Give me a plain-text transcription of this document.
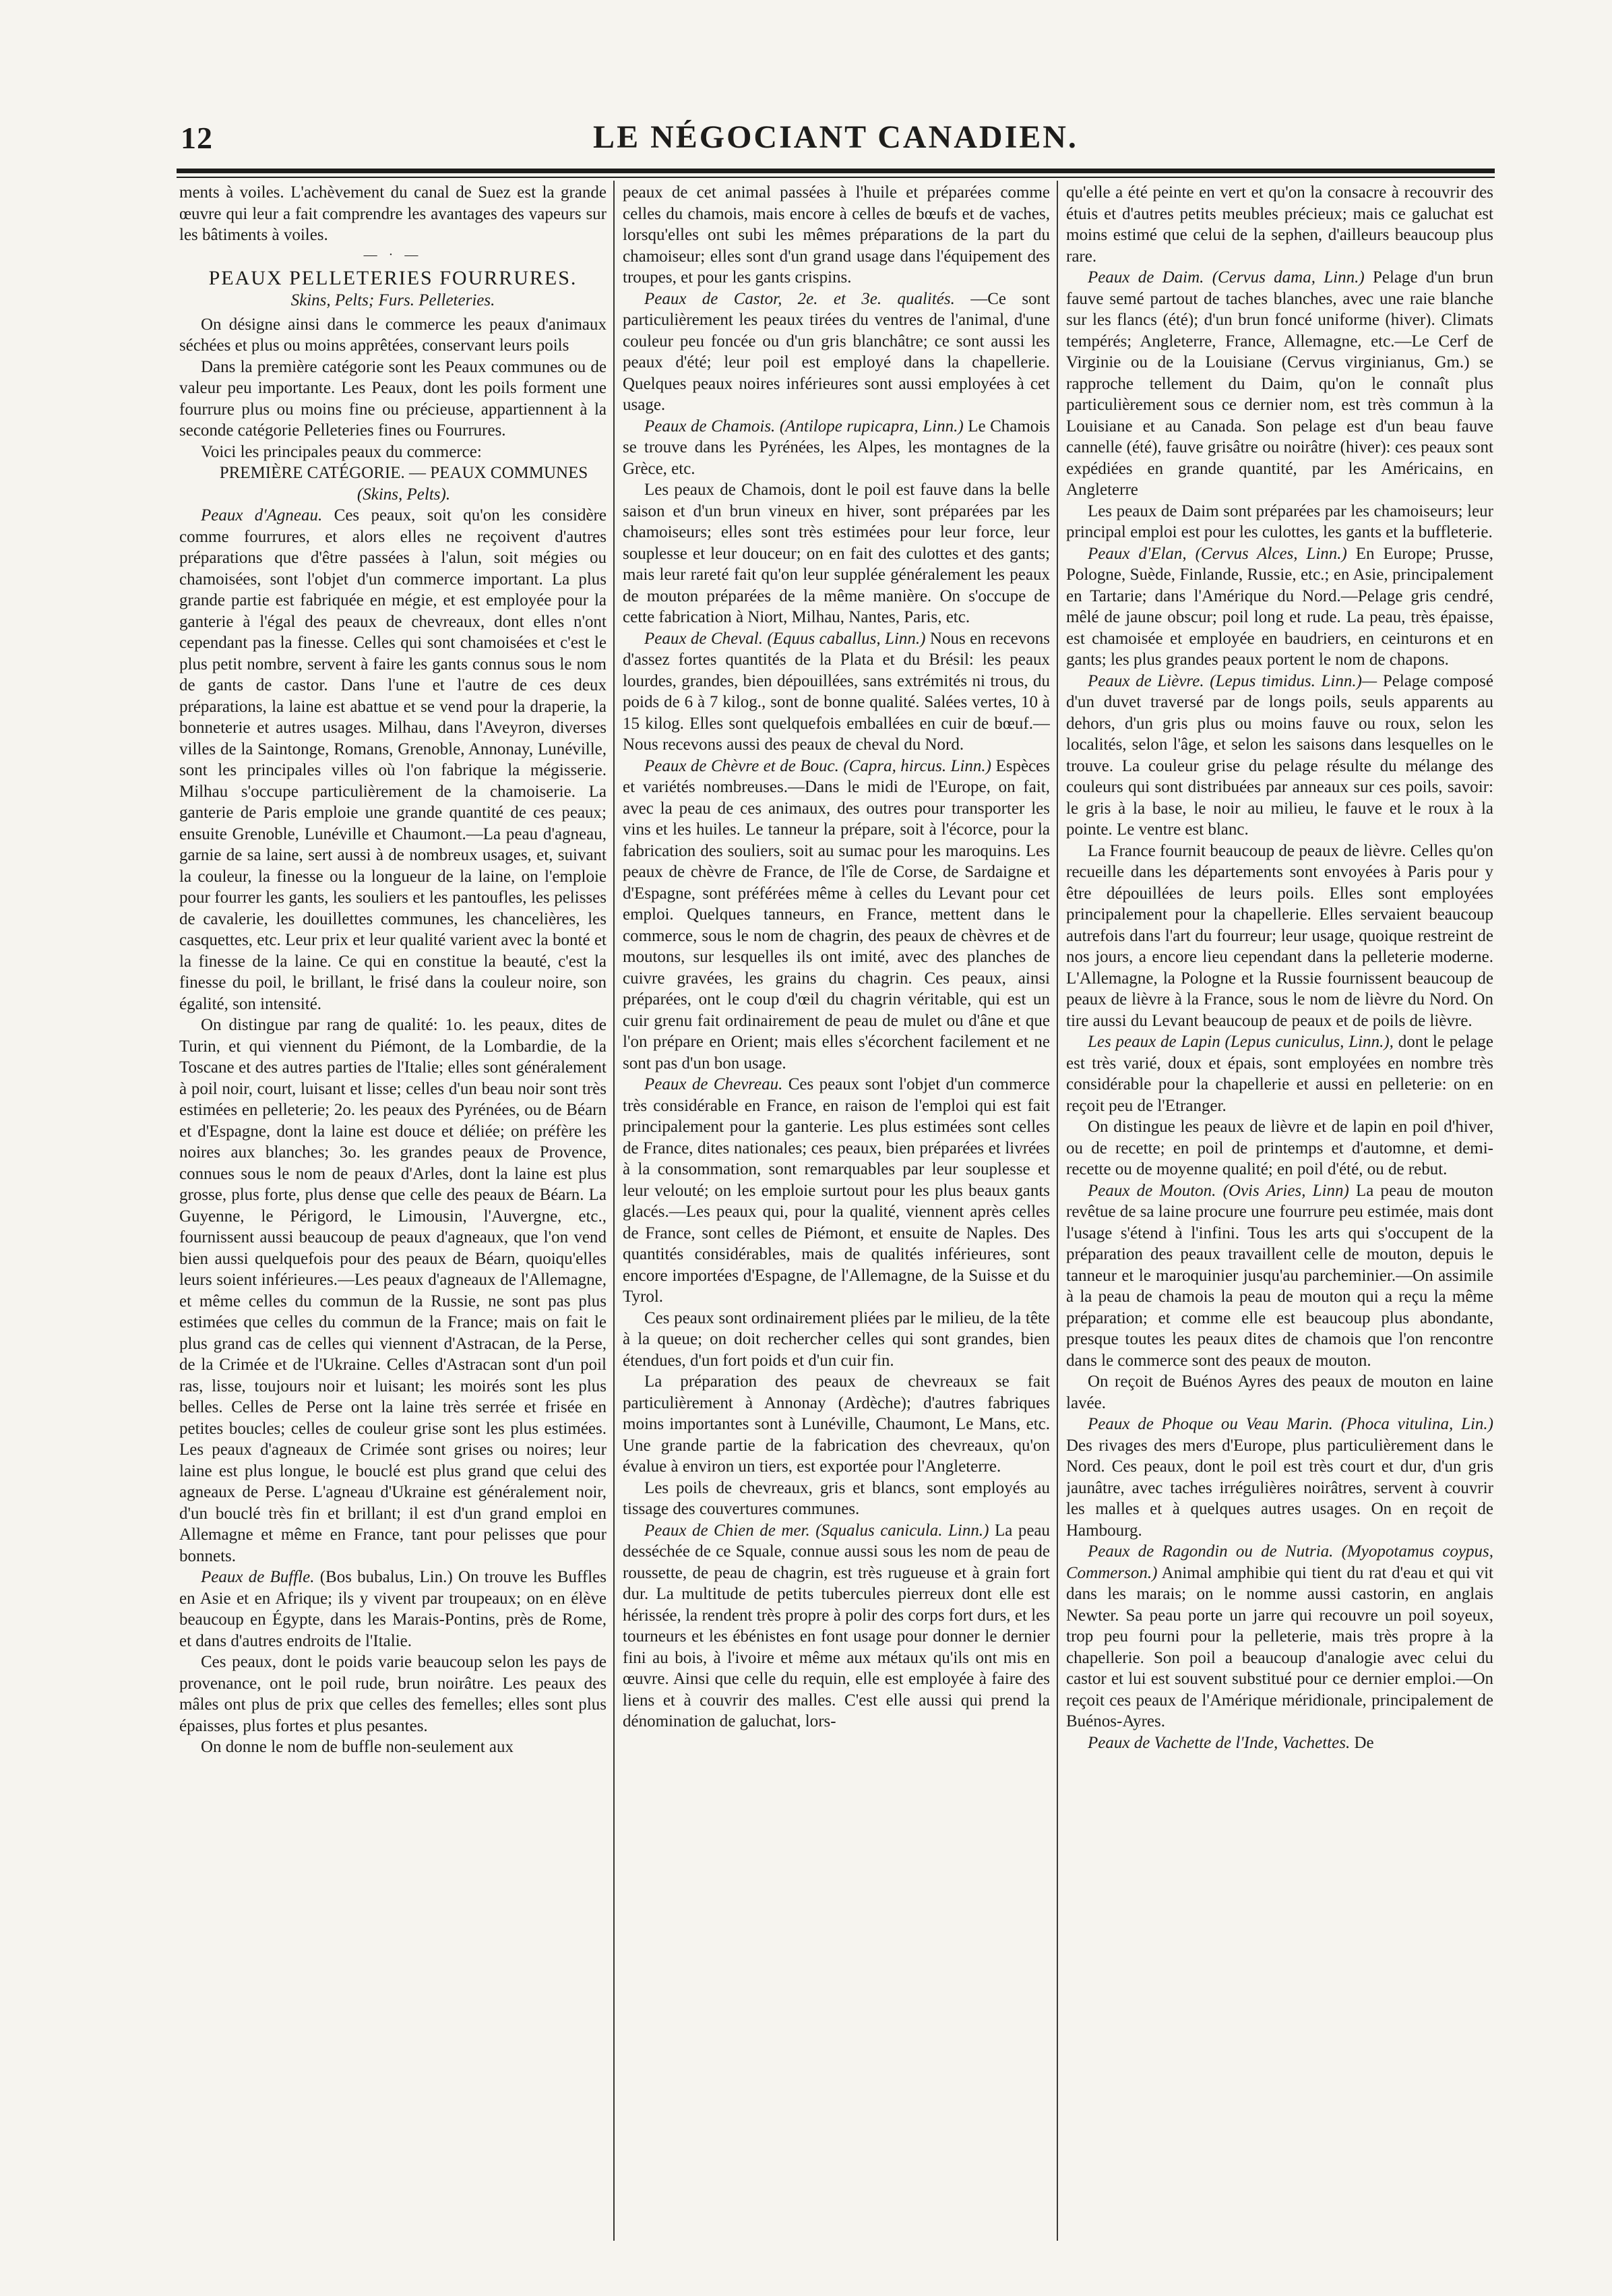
12	LE NÉGOCIANT CANADIEN.

ments à voiles. L'achèvement du canal de Suez est la grande œuvre qui leur a fait comprendre les avantages des vapeurs sur les bâtiments à voiles.

— · —
PEAUX PELLETERIES FOURRURES.
Skins, Pelts; Furs. Pelleteries.

On désigne ainsi dans le commerce les peaux d'animaux séchées et plus ou moins apprêtées, conservant leurs poils

Dans la première catégorie sont les Peaux communes ou de valeur peu importante. Les Peaux, dont les poils forment une fourrure plus ou moins fine ou précieuse, appartiennent à la seconde catégorie Pelleteries fines ou Fourrures.

Voici les principales peaux du commerce:

PREMIÈRE CATÉGORIE. — PEAUX COMMUNES

(Skins, Pelts).

Peaux d'Agneau. Ces peaux, soit qu'on les considère comme fourrures, et alors elles ne reçoivent d'autres préparations que d'être passées à l'alun, soit mégies ou chamoisées, sont l'objet d'un commerce important. La plus grande partie est fabriquée en mégie, et est employée pour la ganterie à l'égal des peaux de chevreaux, dont elles n'ont cependant pas la finesse. Celles qui sont chamoisées et c'est le plus petit nombre, servent à faire les gants connus sous le nom de gants de castor. Dans l'une et l'autre de ces deux préparations, la laine est abattue et se vend pour la draperie, la bonneterie et autres usages. Milhau, dans l'Aveyron, diverses villes de la Saintonge, Romans, Grenoble, Annonay, Lunéville, sont les principales villes où l'on fabrique la mégisserie. Milhau s'occupe particulièrement de la chamoiserie. La ganterie de Paris emploie une grande quantité de ces peaux; ensuite Grenoble, Lunéville et Chaumont.—La peau d'agneau, garnie de sa laine, sert aussi à de nombreux usages, et, suivant la couleur, la finesse ou la longueur de la laine, on l'emploie pour fourrer les gants, les souliers et les pantoufles, les pelisses de cavalerie, les douillettes communes, les chancelières, les casquettes, etc. Leur prix et leur qualité varient avec la bonté et la finesse de la laine. Ce qui en constitue la beauté, c'est la finesse du poil, le brillant, le frisé dans la couleur noire, son égalité, son intensité.

On distingue par rang de qualité: 1o. les peaux, dites de Turin, et qui viennent du Piémont, de la Lombardie, de la Toscane et des autres parties de l'Italie; elles sont généralement à poil noir, court, luisant et lisse; celles d'un beau noir sont très estimées en pelleterie; 2o. les peaux des Pyrénées, ou de Béarn et d'Espagne, dont la laine est douce et déliée; on préfère les noires aux blanches; 3o. les grandes peaux de Provence, connues sous le nom de peaux d'Arles, dont la laine est plus grosse, plus forte, plus dense que celle des peaux de Béarn. La Guyenne, le Périgord, le Limousin, l'Auvergne, etc., fournissent aussi beaucoup de peaux d'agneaux, que l'on vend bien aussi quelquefois pour des peaux de Béarn, quoiqu'elles leurs soient inférieures.—Les peaux d'agneaux de l'Allemagne, et même celles du commun de la Russie, ne sont pas plus estimées que celles du commun de la France; mais on fait le plus grand cas de celles qui viennent d'Astracan, de la Perse, de la Crimée et de l'Ukraine. Celles d'Astracan sont d'un poil ras, lisse, toujours noir et luisant; les moirés sont les plus belles. Celles de Perse ont la laine très serrée et frisée en petites boucles; celles de couleur grise sont les plus estimées. Les peaux d'agneaux de Crimée sont grises ou noires; leur laine est plus longue, le bouclé est plus grand que celui des agneaux de Perse. L'agneau d'Ukraine est généralement noir, d'un bouclé très fin et brillant; il est d'un grand emploi en Allemagne et même en France, tant pour pelisses que pour bonnets.

Peaux de Buffle. (Bos bubalus, Lin.) On trouve les Buffles en Asie et en Afrique; ils y vivent par troupeaux; on en élève beaucoup en Égypte, dans les Marais-Pontins, près de Rome, et dans d'autres endroits de l'Italie.

Ces peaux, dont le poids varie beaucoup selon les pays de provenance, ont le poil rude, brun noirâtre. Les peaux des mâles ont plus de prix que celles des femelles; elles sont plus épaisses, plus fortes et plus pesantes.

On donne le nom de buffle non-seulement aux

peaux de cet animal passées à l'huile et préparées comme celles du chamois, mais encore à celles de bœufs et de vaches, lorsqu'elles ont subi les mêmes préparations de la part du chamoiseur; elles sont d'un grand usage dans l'équipement des troupes, et pour les gants crispins.

Peaux de Castor, 2e. et 3e. qualités. —Ce sont particulièrement les peaux tirées du ventres de l'animal, d'une couleur peu foncée ou d'un gris blanchâtre; ce sont aussi les peaux d'été; leur poil est employé dans la chapellerie. Quelques peaux noires inférieures sont aussi employées à cet usage.

Peaux de Chamois. (Antilope rupicapra, Linn.) Le Chamois se trouve dans les Pyrénées, les Alpes, les montagnes de la Grèce, etc.

Les peaux de Chamois, dont le poil est fauve dans la belle saison et d'un brun vineux en hiver, sont préparées par les chamoiseurs; elles sont très estimées pour leur force, leur souplesse et leur douceur; on en fait des culottes et des gants; mais leur rareté fait qu'on leur supplée généralement les peaux de mouton préparées de la même manière. On s'occupe de cette fabrication à Niort, Milhau, Nantes, Paris, etc.

Peaux de Cheval. (Equus caballus, Linn.) Nous en recevons d'assez fortes quantités de la Plata et du Brésil: les peaux lourdes, grandes, bien dépouillées, sans extrémités ni trous, du poids de 6 à 7 kilog., sont de bonne qualité. Salées vertes, 10 à 15 kilog. Elles sont quelquefois emballées en cuir de bœuf.—Nous recevons aussi des peaux de cheval du Nord.

Peaux de Chèvre et de Bouc. (Capra, hircus. Linn.) Espèces et variétés nombreuses.—Dans le midi de l'Europe, on fait, avec la peau de ces animaux, des outres pour transporter les vins et les huiles. Le tanneur la prépare, soit à l'écorce, pour la fabrication des souliers, soit au sumac pour les maroquins. Les peaux de chèvre de France, de l'île de Corse, de Sardaigne et d'Espagne, sont préférées même à celles du Levant pour cet emploi. Quelques tanneurs, en France, mettent dans le commerce, sous le nom de chagrin, des peaux de chèvres et de moutons, sur lesquelles ils ont imité, avec des planches de cuivre gravées, les grains du chagrin. Ces peaux, ainsi préparées, ont le coup d'œil du chagrin véritable, qui est un cuir grenu fait ordinairement de peau de mulet ou d'âne et que l'on prépare en Orient; mais elles s'écorchent facilement et ne sont pas d'un bon usage.

Peaux de Chevreau. Ces peaux sont l'objet d'un commerce très considérable en France, en raison de l'emploi qui est fait principalement pour la ganterie. Les plus estimées sont celles de France, dites nationales; ces peaux, bien préparées et livrées à la consommation, sont remarquables par leur souplesse et leur velouté; on les emploie surtout pour les plus beaux gants glacés.—Les peaux qui, pour la qualité, viennent après celles de France, sont celles de Piémont, et ensuite de Naples. Des quantités considérables, mais de qualités inférieures, sont encore importées d'Espagne, de l'Allemagne, de la Suisse et du Tyrol.

Ces peaux sont ordinairement pliées par le milieu, de la tête à la queue; on doit rechercher celles qui sont grandes, bien étendues, d'un fort poids et d'un cuir fin.

La préparation des peaux de chevreaux se fait particulièrement à Annonay (Ardèche); d'autres fabriques moins importantes sont à Lunéville, Chaumont, Le Mans, etc. Une grande partie de la fabrication des chevreaux, qu'on évalue à environ un tiers, est exportée pour l'Angleterre.

Les poils de chevreaux, gris et blancs, sont employés au tissage des couvertures communes.

Peaux de Chien de mer. (Squalus canicula. Linn.) La peau desséchée de ce Squale, connue aussi sous les nom de peau de roussette, de peau de chagrin, est très rugueuse et à grain fort dur. La multitude de petits tubercules pierreux dont elle est hérissée, la rendent très propre à polir des corps fort durs, et les tourneurs et les ébénistes en font usage pour donner le dernier fini au bois, à l'ivoire et même aux métaux qu'ils ont mis en œuvre. Ainsi que celle du requin, elle est employée à faire des liens et à couvrir des malles. C'est elle aussi qui prend la dénomination de galuchat, lors-

qu'elle a été peinte en vert et qu'on la consacre à recouvrir des étuis et d'autres petits meubles précieux; mais ce galuchat est moins estimé que celui de la sephen, d'ailleurs beaucoup plus rare.

Peaux de Daim. (Cervus dama, Linn.) Pelage d'un brun fauve semé partout de taches blanches, avec une raie blanche sur les flancs (été); d'un brun foncé uniforme (hiver). Climats tempérés; Angleterre, France, Allemagne, etc.—Le Cerf de Virginie ou de la Louisiane (Cervus virginianus, Gm.) se rapproche tellement du Daim, qu'on le connaît plus particulièrement sous ce dernier nom, est très commun à la Louisiane et au Canada. Son pelage est d'un beau fauve cannelle (été), fauve grisâtre ou noirâtre (hiver): ces peaux sont expédiées en grande quantité, par les Américains, en Angleterre

Les peaux de Daim sont préparées par les chamoiseurs; leur principal emploi est pour les culottes, les gants et la buffleterie.

Peaux d'Elan, (Cervus Alces, Linn.) En Europe; Prusse, Pologne, Suède, Finlande, Russie, etc.; en Asie, principalement en Tartarie; dans l'Amérique du Nord.—Pelage gris cendré, mêlé de jaune obscur; poil long et rude. La peau, très épaisse, est chamoisée et employée en baudriers, en ceinturons et en gants; les plus grandes peaux portent le nom de chapons.

Peaux de Lièvre. (Lepus timidus. Linn.)— Pelage composé d'un duvet traversé par de longs poils, seuls apparents au dehors, d'un gris plus ou moins fauve ou roux, selon les localités, selon l'âge, et selon les saisons dans lesquelles on le trouve. La couleur grise du pelage résulte du mélange des couleurs qui sont distribuées par anneaux sur ces poils, savoir: le gris à la base, le noir au milieu, le fauve et le roux à la pointe. Le ventre est blanc.

La France fournit beaucoup de peaux de lièvre. Celles qu'on recueille dans les départements sont envoyées à Paris pour y être dépouillées de leurs poils. Elles sont employées principalement pour la chapellerie. Elles servaient beaucoup autrefois dans l'art du fourreur; leur usage, quoique restreint de nos jours, a encore lieu cependant dans la pelleterie moderne. L'Allemagne, la Pologne et la Russie fournissent beaucoup de peaux de lièvre à la France, sous le nom de lièvre du Nord. On tire aussi du Levant beaucoup de peaux et de poils de lièvre.

Les peaux de Lapin (Lepus cuniculus, Linn.), dont le pelage est très varié, doux et épais, sont employées en nombre très considérable pour la chapellerie et aussi en pelleterie: on en reçoit peu de l'Etranger.

On distingue les peaux de lièvre et de lapin en poil d'hiver, ou de recette; en poil de printemps et d'automne, et demi-recette ou de moyenne qualité; en poil d'été, ou de rebut.

Peaux de Mouton. (Ovis Aries, Linn) La peau de mouton revêtue de sa laine procure une fourrure peu estimée, mais dont l'usage s'étend à l'infini. Tous les arts qui s'occupent de la préparation des peaux travaillent celle de mouton, depuis le tanneur et le maroquinier jusqu'au parcheminier.—On assimile à la peau de chamois la peau de mouton qui a reçu la même préparation; et comme elle est beaucoup plus abondante, presque toutes les peaux dites de chamois que l'on rencontre dans le commerce sont des peaux de mouton.

On reçoit de Buénos Ayres des peaux de mouton en laine lavée.

Peaux de Phoque ou Veau Marin. (Phoca vitulina, Lin.) Des rivages des mers d'Europe, plus particulièrement dans le Nord. Ces peaux, dont le poil est très court et dur, d'un gris jaunâtre, avec taches irrégulières noirâtres, servent à couvrir les malles et à quelques autres usages. On en reçoit de Hambourg.

Peaux de Ragondin ou de Nutria. (Myopotamus coypus, Commerson.) Animal amphibie qui tient du rat d'eau et qui vit dans les marais; on le nomme aussi castorin, en anglais Newter. Sa peau porte un jarre qui recouvre un poil soyeux, trop peu fourni pour la pelleterie, mais très propre à la chapellerie. Son poil a beaucoup d'analogie avec celui du castor et lui est souvent substitué pour ce dernier emploi.—On reçoit ces peaux de l'Amérique méridionale, principalement de Buénos-Ayres.

Peaux de Vachette de l'Inde, Vachettes. De
